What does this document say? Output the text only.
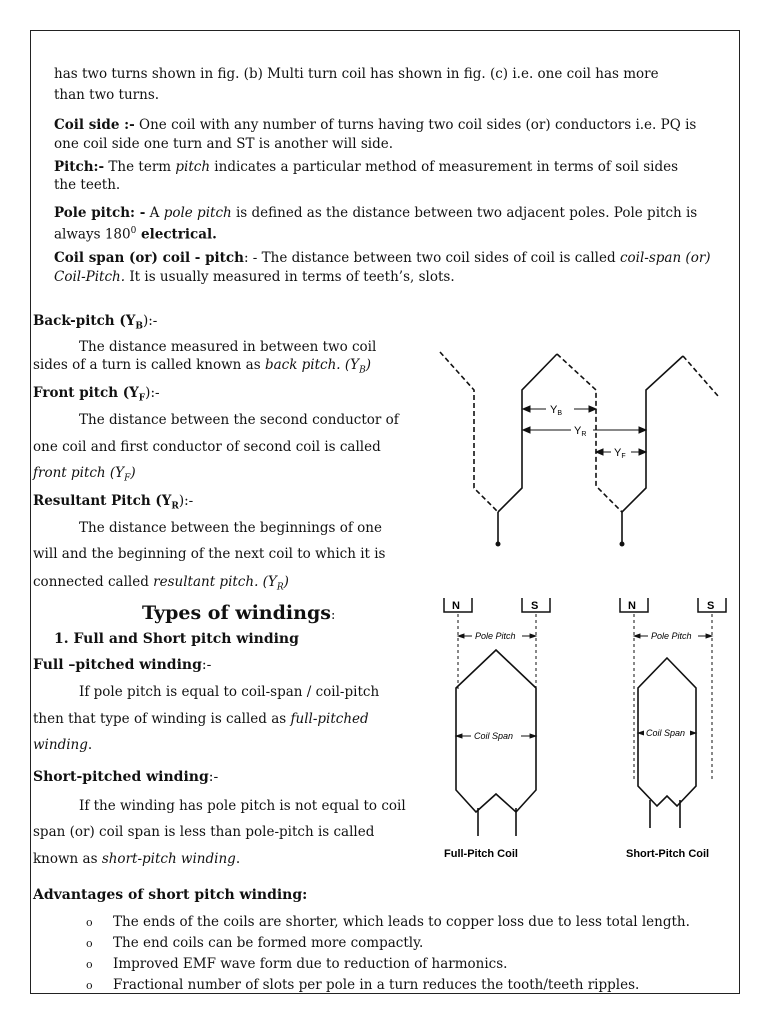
has two turns shown in fig. (b) Multi turn coil has shown in fig. (c) i.e. one coil has more
than two turns.
Coil side :- One coil with any number of turns having two coil sides (or) conductors i.e. PQ is
one coil side one turn and ST is another will side.
Pitch:- The term pitch indicates a particular method of measurement in terms of soil sides
the teeth.
Pole pitch: - A pole pitch is defined as the distance between two adjacent poles. Pole pitch is
always $180^0$ electrical.
Coil span (or) coil - pitch: - The distance between two coil sides of coil is called coil-span (or)
Coil-Pitch. It is usually measured in terms of teeth’s, slots.
Back-pitch $(Y_B):-$
The distance measured in between two coil
sides of a turn is called known as back pitch. $(Y_B)$
Front pitch $(Y_F):-$
The distance between the second conductor of
one coil and first conductor of second coil is called
front pitch $(Y_F)$
Resultant Pitch $(Y_R):-$
The distance between the beginnings of one
will and the beginning of the next coil to which it is
connected called resultant pitch. $(Y_R)$
Types of windings:
1. Full and Short pitch winding
Full –pitched winding:-
If pole pitch is equal to coil-span / coil-pitch
then that type of winding is called as full-pitched
winding.
Short-pitched winding:-
If the winding has pole pitch is not equal to coil
span (or) coil span is less than pole-pitch is called
known as short-pitch winding.
Advantages of short pitch winding:
o The ends of the coils are shorter, which leads to copper loss due to less total length.
o The end coils can be formed more compactly.
o Improved EMF wave form due to reduction of harmonics.
o Fractional number of slots per pole in a turn reduces the tooth/teeth ripples.
YB
YR
YF
N	S	N	S
Pole Pitch	Pole Pitch
Coil Span	Coil Span
Full-Pitch Coil	Short-Pitch Coil
